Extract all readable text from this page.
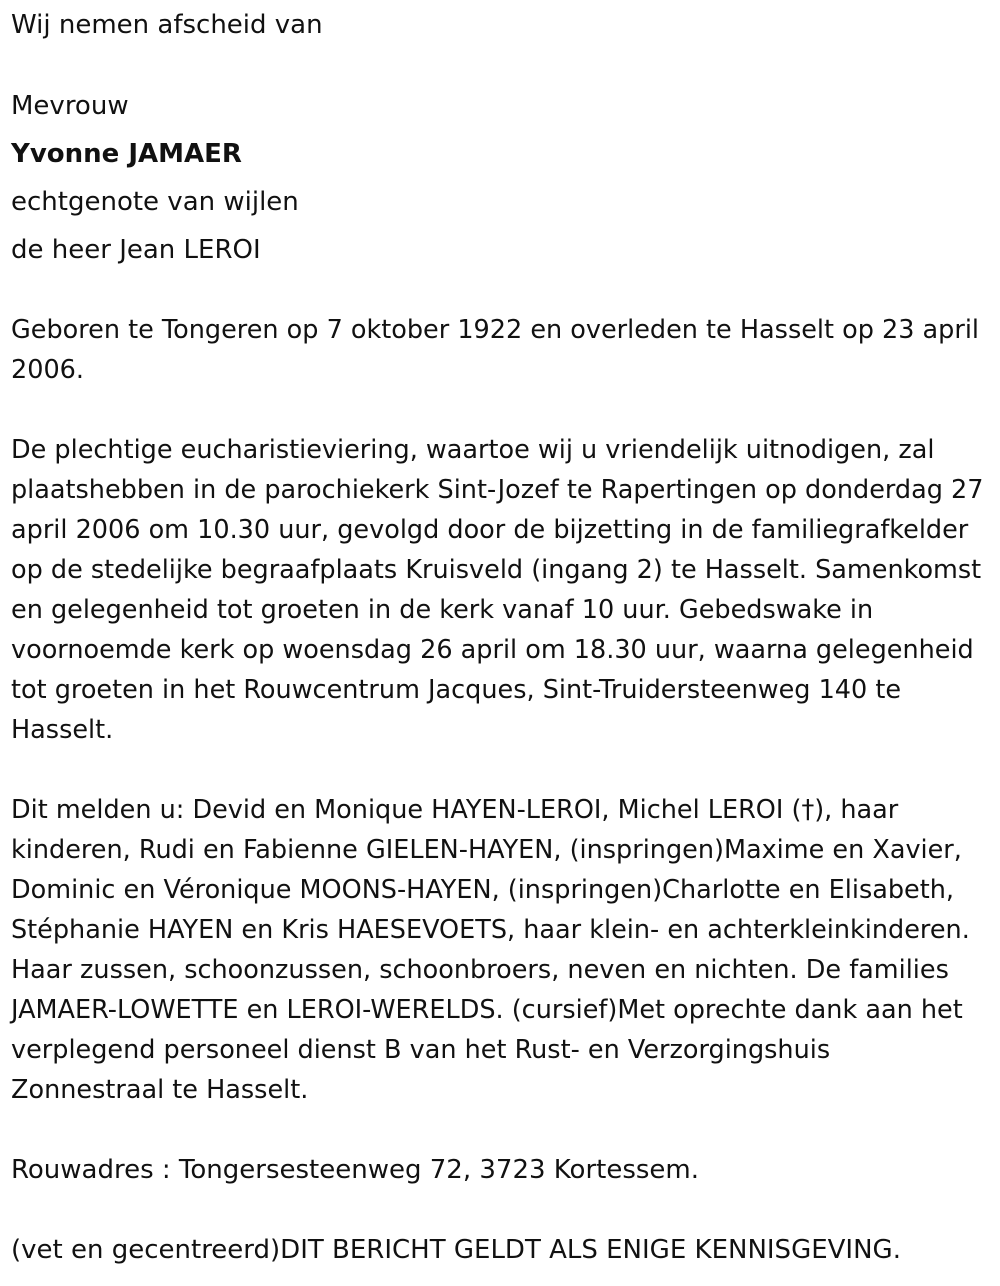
Wij nemen afscheid van
Mevrouw
Yvonne JAMAER
echtgenote van wijlen
de heer Jean LEROI
Geboren te Tongeren op 7 oktober 1922 en overleden te Hasselt op 23 april 2006.
De plechtige eucharistieviering, waartoe wij u vriendelijk uitnodigen, zal plaatshebben in de parochiekerk Sint-Jozef te Rapertingen op donderdag 27 april 2006 om 10.30 uur, gevolgd door de bijzetting in de familiegrafkelder op de stedelijke begraafplaats Kruisveld (ingang 2) te Hasselt. Samenkomst en gelegenheid tot groeten in de kerk vanaf 10 uur. Gebedswake in voornoemde kerk op woensdag 26 april om 18.30 uur, waarna gelegenheid tot groeten in het Rouwcentrum Jacques, Sint-Truidersteenweg 140 te Hasselt.
Dit melden u: Devid en Monique HAYEN-LEROI, Michel LEROI (†), haar kinderen, Rudi en Fabienne GIELEN-HAYEN, (inspringen)Maxime en Xavier, Dominic en Véronique MOONS-HAYEN, (inspringen)Charlotte en Elisabeth, Stéphanie HAYEN en Kris HAESEVOETS, haar klein- en achterkleinkinderen. Haar zussen, schoonzussen, schoonbroers, neven en nichten. De families JAMAER-LOWETTE en LEROI-WERELDS. (cursief)Met oprechte dank aan het verplegend personeel dienst B van het Rust- en Verzorgingshuis Zonnestraal te Hasselt.
Rouwadres : Tongersesteenweg 72, 3723 Kortessem.
(vet en gecentreerd)DIT BERICHT GELDT ALS ENIGE KENNISGEVING.
